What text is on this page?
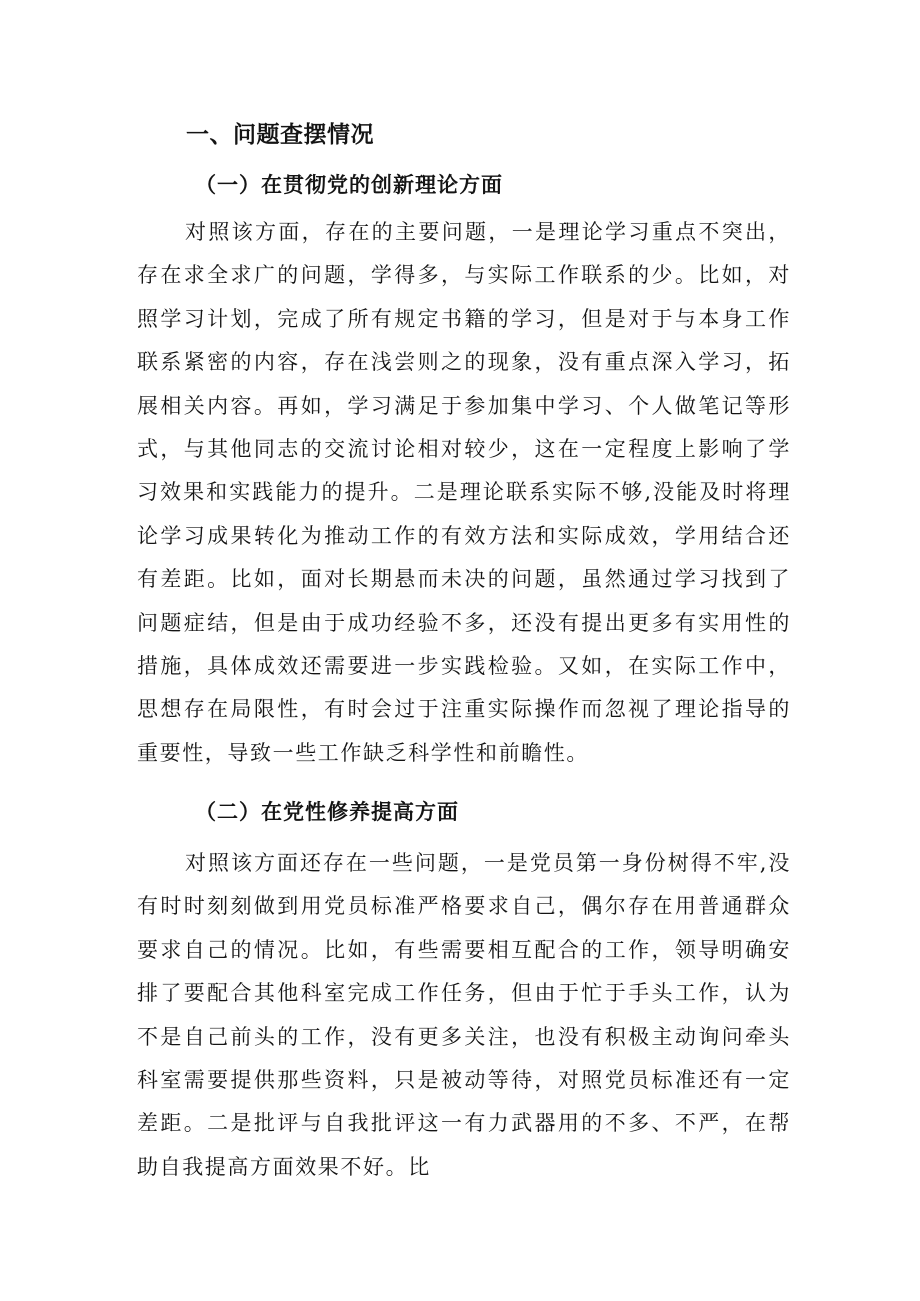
一、问题查摆情况
（一）在贯彻党的创新理论方面

对照该方面，存在的主要问题，一是理论学习重点不突出，存在求全求广的问题，学得多，与实际工作联系的少。比如，对照学习计划，完成了所有规定书籍的学习，但是对于与本身工作联系紧密的内容，存在浅尝则之的现象，没有重点深入学习，拓展相关内容。再如，学习满足于参加集中学习、个人做笔记等形式，与其他同志的交流讨论相对较少，这在一定程度上影响了学习效果和实践能力的提升。二是理论联系实际不够,没能及时将理论学习成果转化为推动工作的有效方法和实际成效，学用结合还有差距。比如，面对长期悬而未决的问题，虽然通过学习找到了问题症结，但是由于成功经验不多，还没有提出更多有实用性的措施，具体成效还需要进一步实践检验。又如，在实际工作中，思想存在局限性，有时会过于注重实际操作而忽视了理论指导的重要性，导致一些工作缺乏科学性和前瞻性。

（二）在党性修养提高方面

对照该方面还存在一些问题，一是党员第一身份树得不牢,没有时时刻刻做到用党员标准严格要求自己，偶尔存在用普通群众要求自己的情况。比如，有些需要相互配合的工作，领导明确安排了要配合其他科室完成工作任务，但由于忙于手头工作，认为不是自己前头的工作，没有更多关注，也没有积极主动询问牵头科室需要提供那些资料，只是被动等待，对照党员标准还有一定差距。二是批评与自我批评这一有力武器用的不多、不严，在帮助自我提高方面效果不好。比
